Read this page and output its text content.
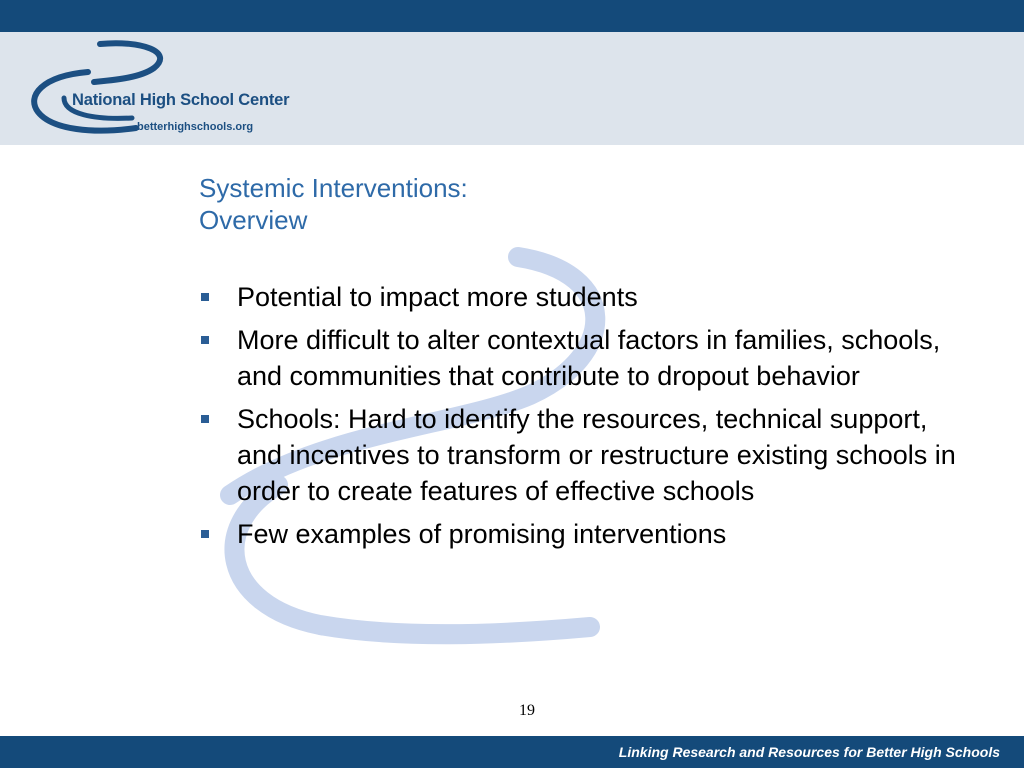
National High School Center
betterhighschools.org
Systemic Interventions:
Overview
Potential to impact more students
More difficult to alter contextual factors in families, schools, and communities that contribute to dropout behavior
Schools: Hard to identify the resources, technical support, and incentives to transform or restructure existing schools in order to create features of effective schools
Few examples of promising interventions
19
Linking Research and Resources for Better High Schools
